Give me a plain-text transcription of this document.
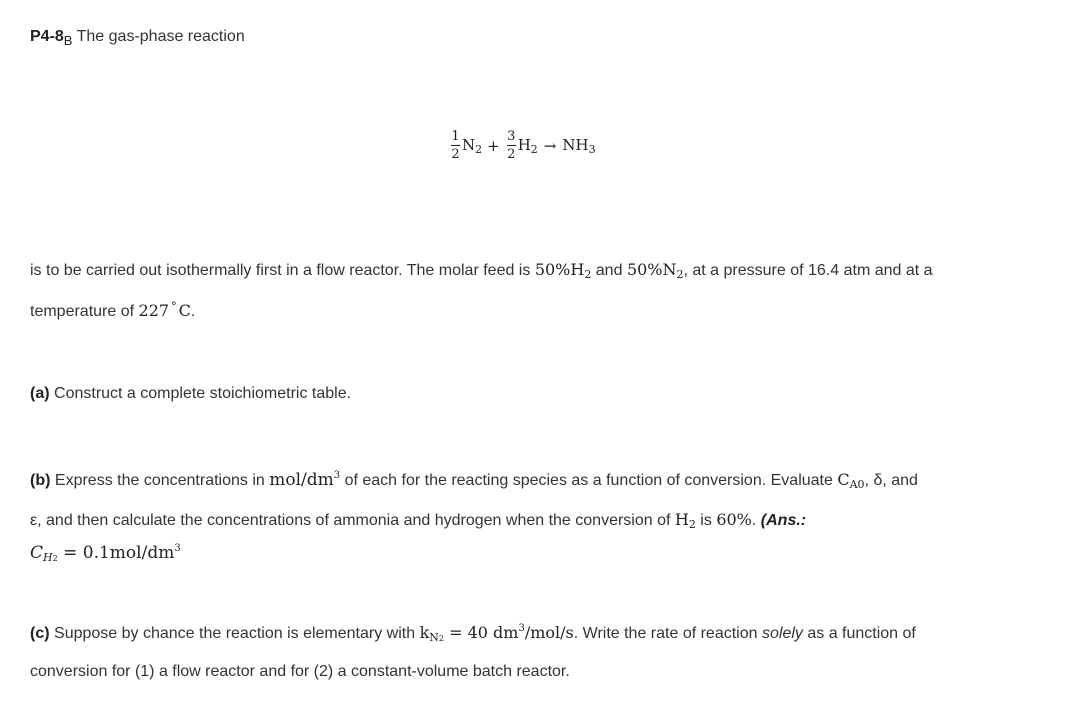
$P4-8_B$ The gas-phase reaction
$\frac{1}{2} N_2 + \frac{3}{2} H_2 \to NH_3$
is to be carried out isothermally first in a flow reactor. The molar feed is $50\%H_2$ and $50\%N_2$, at a pressure of 16.4 atm and at a
temperature of 227 ° C.
(a) Construct a complete stoichiometric table.
(b) Express the concentrations in mol/$dm^3$ of each for the reacting species as a function of conversion. Evaluate $C_{A0}$, δ, and
ε, and then calculate the concentrations of ammonia and hydrogen when the conversion of $H_2$ is 60%. (Ans.:
$C_{H2} = 0.1mol/dm^3$
(c) Suppose by chance the reaction is elementary with $k_{N2} = 40$ $dm^3/mol/s$. Write the rate of reaction solely as a function of
conversion for (1) a flow reactor and for (2) a constant-volume batch reactor.
